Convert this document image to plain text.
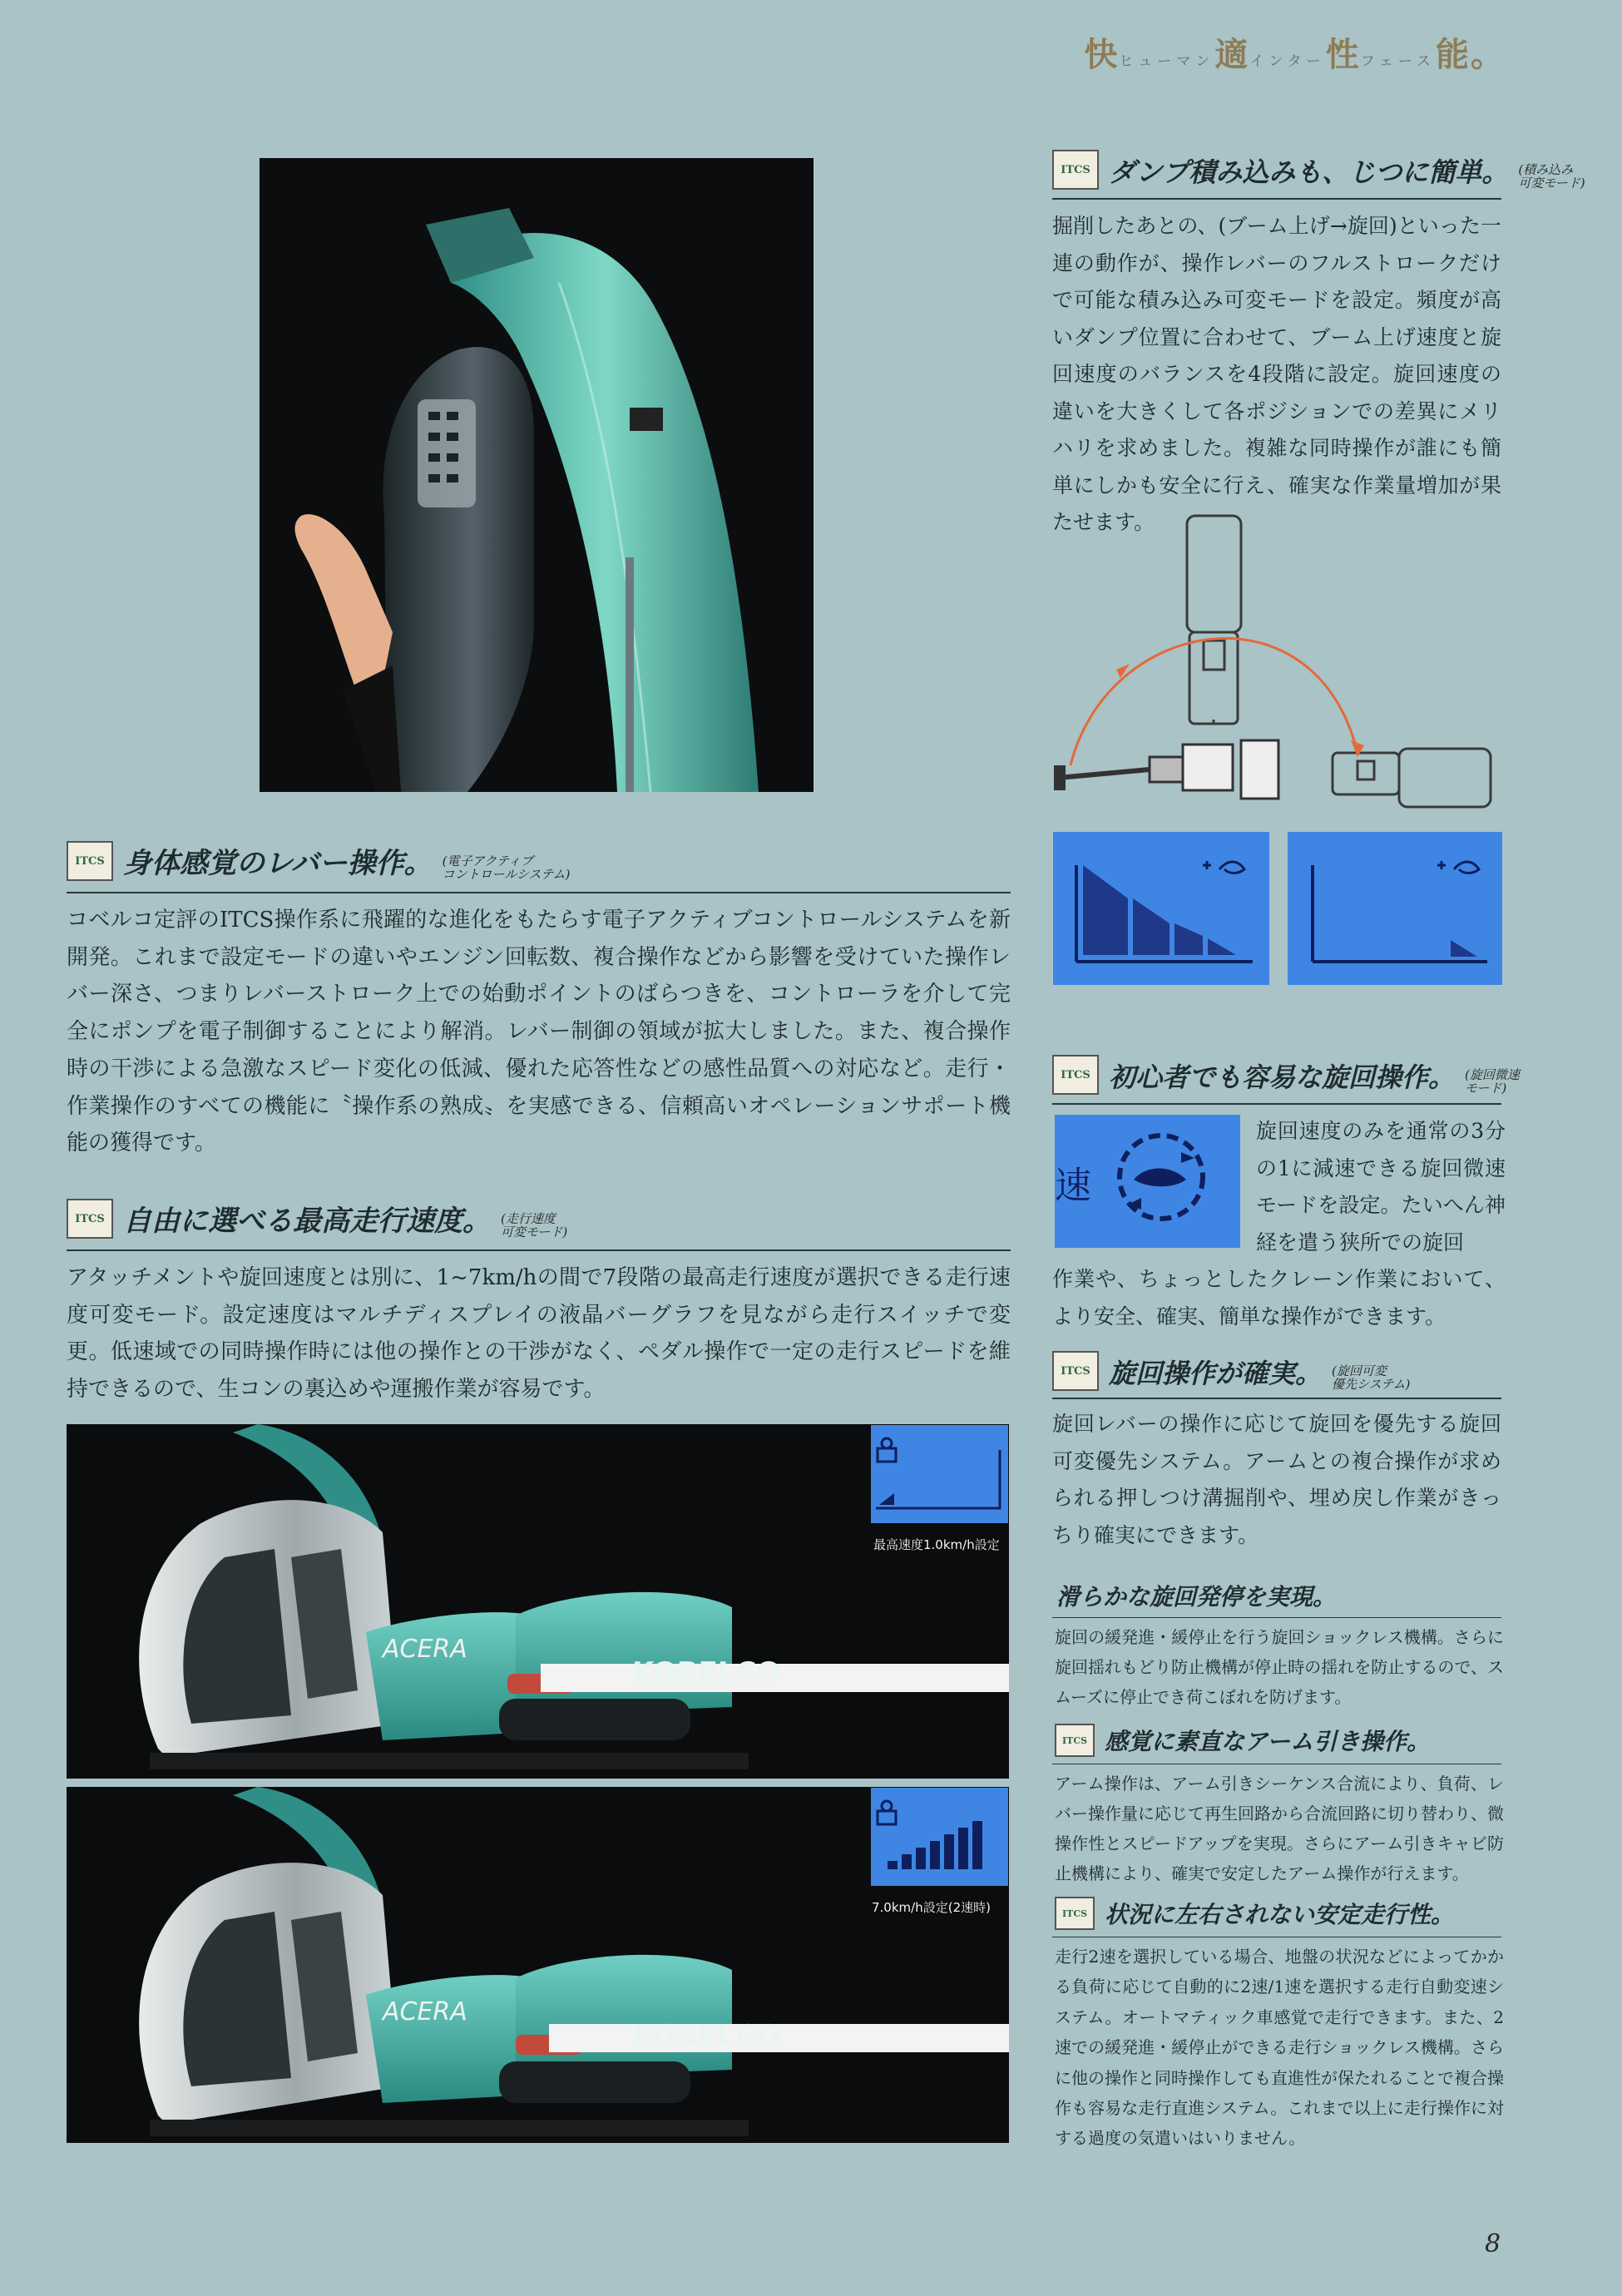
快ヒューマン適インター性フェース能。
ITCS 身体感覚のレバー操作。 (電子アクティブ
コントロールシステム)
コベルコ定評のITCS操作系に飛躍的な進化をもたらす電子アクティブコントロールシステムを新開発。これまで設定モードの違いやエンジン回転数、複合操作などから影響を受けていた操作レバー深さ、つまりレバーストローク上での始動ポイントのばらつきを、コントローラを介して完全にポンプを電子制御することにより解消。レバー制御の領域が拡大しました。また、複合操作時の干渉による急激なスピード変化の低減、優れた応答性などの感性品質への対応など。走行・作業操作のすべての機能に〝操作系の熟成〟を実感できる、信頼高いオペレーションサポート機能の獲得です。
ITCS 自由に選べる最高走行速度。 (走行速度
可変モード)
アタッチメントや旋回速度とは別に、1~7km/hの間で7段階の最高走行速度が選択できる走行速度可変モード。設定速度はマルチディスプレイの液晶バーグラフを見ながら走行スイッチで変更。低速域での同時操作時には他の操作との干渉がなく、ペダル操作で一定の走行スピードを維持できるので、生コンの裏込めや運搬作業が容易です。
ACERA
KOBELCO
最高速度1.0km/h設定
ACERA
KOBELCO
7.0km/h設定(2速時)
ITCS ダンプ積み込みも、じつに簡単。 (積み込み
可変モード)
掘削したあとの、(ブーム上げ→旋回)といった一連の動作が、操作レバーのフルストロークだけで可能な積み込み可変モードを設定。頻度が高いダンプ位置に合わせて、ブーム上げ速度と旋回速度のバランスを4段階に設定。旋回速度の違いを大きくして各ポジションでの差異にメリハリを求めました。複雑な同時操作が誰にも簡単にしかも安全に行え、確実な作業量増加が果たせます。
ITCS 初心者でも容易な旋回操作。 (旋回微速
モード)
速
旋回速度のみを通常の3分の1に減速できる旋回微速モードを設定。たいへん神経を遣う狭所での旋回
作業や、ちょっとしたクレーン作業において、より安全、確実、簡単な操作ができます。
ITCS 旋回操作が確実。 (旋回可変
優先システム)
旋回レバーの操作に応じて旋回を優先する旋回可変優先システム。アームとの複合操作が求められる押しつけ溝掘削や、埋め戻し作業がきっちり確実にできます。
滑らかな旋回発停を実現。
旋回の緩発進・緩停止を行う旋回ショックレス機構。さらに旋回揺れもどり防止機構が停止時の揺れを防止するので、スムーズに停止でき荷こぼれを防げます。
ITCS 感覚に素直なアーム引き操作。
アーム操作は、アーム引きシーケンス合流により、負荷、レバー操作量に応じて再生回路から合流回路に切り替わり、微操作性とスピードアップを実現。さらにアーム引きキャビ防止機構により、確実で安定したアーム操作が行えます。
ITCS 状況に左右されない安定走行性。
走行2速を選択している場合、地盤の状況などによってかかる負荷に応じて自動的に2速/1速を選択する走行自動変速システム。オートマティック車感覚で走行できます。また、2速での緩発進・緩停止ができる走行ショックレス機構。さらに他の操作と同時操作しても直進性が保たれることで複合操作も容易な走行直進システム。これまで以上に走行操作に対する過度の気遣いはいりません。
8
